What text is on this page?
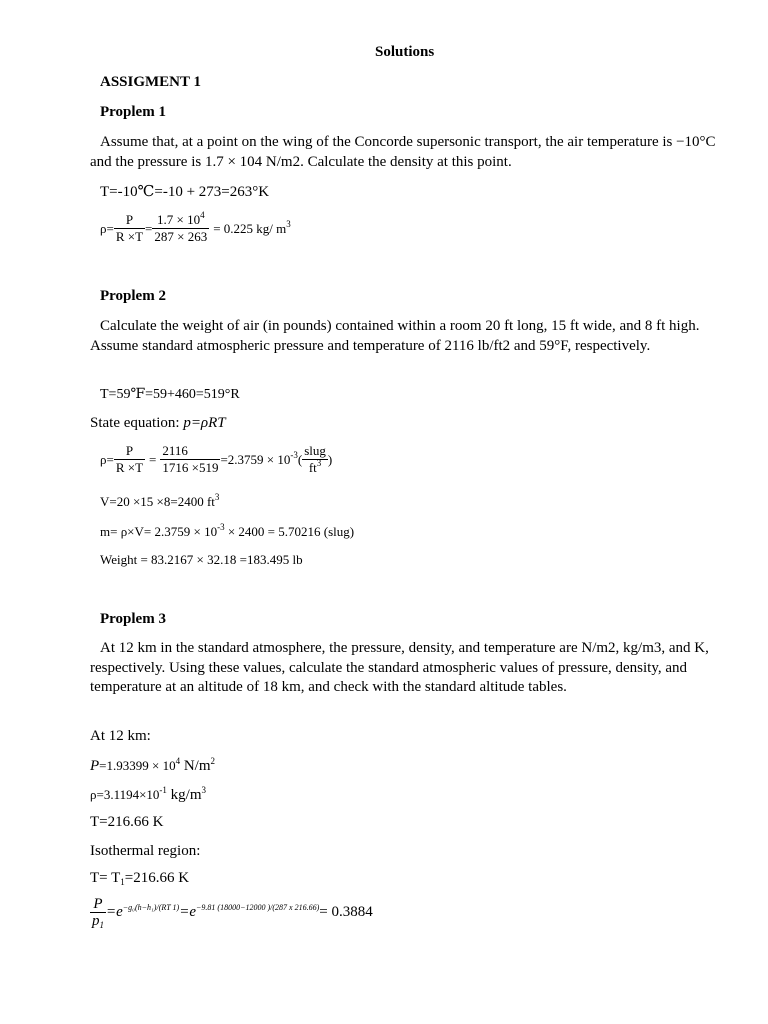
Solutions
ASSIGMENT 1
Proplem 1
Assume that, at a point on the wing of the Concorde supersonic transport, the air temperature is −10°C and the pressure is 1.7 × 104 N/m2. Calculate the density at this point.
T=-10℃=-10 + 273=263°K
$\rho= \frac{P}{R \times T} = \frac{1.7 \times 10^4}{287 \times 263} = 0.225$ kg/ $m^3$
Proplem 2
Calculate the weight of air (in pounds) contained within a room 20 ft long, 15 ft wide, and 8 ft high. Assume standard atmospheric pressure and temperature of 2116 lb/ft2 and 59°F, respectively.
T=59℉=59+460=519°R
State equation: p=ρRT
$\rho= \frac{P}{R \times T} = \frac{2116}{1716 \times 519} =2.3759 \times 10^{-3}$ ( $\frac{\text{slug}}{ft^3}$ )
V=20 ×15 ×8=2400 $ft^3$
$m= \rho\times V= 2.3759 \times 10^{-3} \times 2400 = 5.70216$ (slug)
Weight = 83.2167 × 32.18 =183.495 lb
Proplem 3
At 12 km in the standard atmosphere, the pressure, density, and temperature are N/m2, kg/m3, and K, respectively. Using these values, calculate the standard atmospheric values of pressure, density, and temperature at an altitude of 18 km, and check with the standard altitude tables.
At 12 km:
$P=1.93399 \times 10^4$ $N/m^2$
$\rho=3.1194\times 10^{-1}$ $kg/m^3$
T=216.66 K
Isothermal region:
$T= T_1=216.66$ K
$\frac{P}{p_1} =e^{-g_0(h-h_1)/(RT 1)} =e^{-9.81 (18000-12000 )/(287 x 216.66)} = 0.3884$
